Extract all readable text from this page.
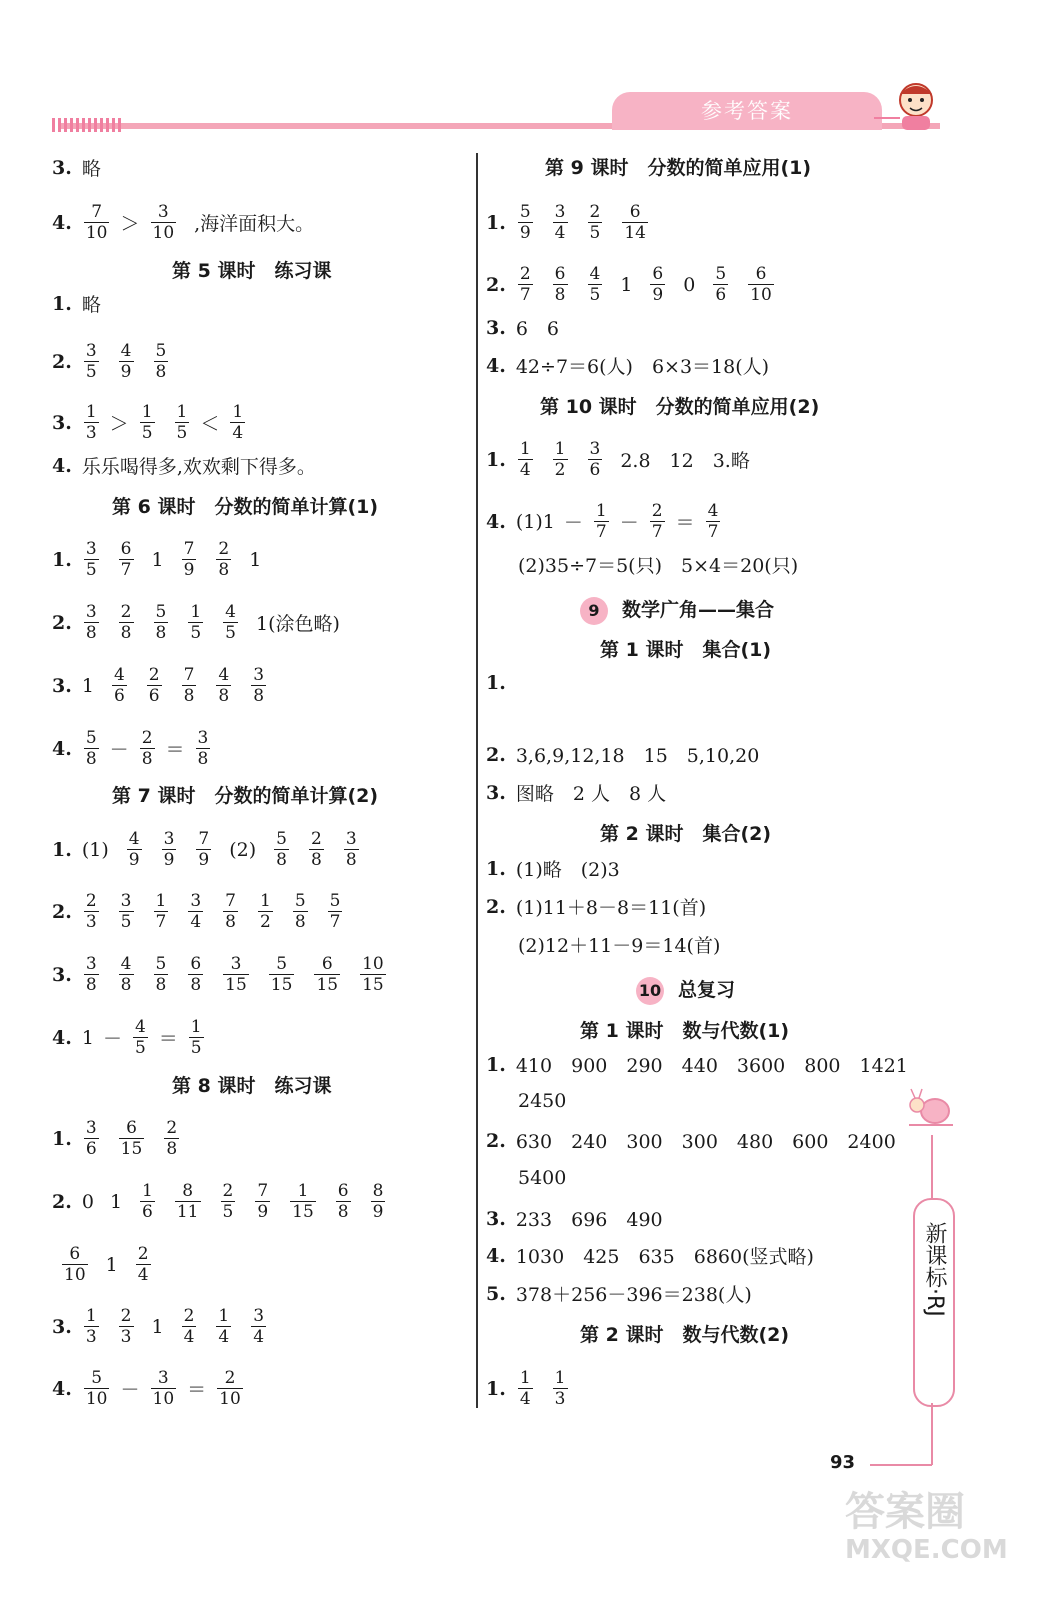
参考答案
3. 略
4. $\frac{7}{10} > \frac{3}{10}$ ,海洋面积大。
第 5 课时　练习课
1. 略
2. $\frac{3}{5} \frac{4}{9} \frac{5}{8}$
3. $\frac{1}{3} > \frac{1}{5} \frac{1}{5} < \frac{1}{4}$
4. 乐乐喝得多,欢欢剩下得多。
第 6 课时　分数的简单计算(1)
1. $\frac{3}{5} \frac{6}{7} 1 \frac{7}{9} \frac{2}{8} 1$
2. $\frac{3}{8} \frac{2}{8} \frac{5}{8} \frac{1}{5} \frac{4}{5} 1$(涂色略)
3. $1 \frac{4}{6} \frac{2}{6} \frac{7}{8} \frac{4}{8} \frac{3}{8}$
4. $\frac{5}{8} - \frac{2}{8} = \frac{3}{8}$
第 7 课时　分数的简单计算(2)
1. $(1) \frac{4}{9} \frac{3}{9} \frac{7}{9} (2) \frac{5}{8} \frac{2}{8} \frac{3}{8}$
2. $\frac{2}{3} \frac{3}{5} \frac{1}{7} \frac{3}{4} \frac{7}{8} \frac{1}{2} \frac{5}{8} \frac{5}{7}$
3. $\frac{3}{8} \frac{4}{8} \frac{5}{8} \frac{6}{8} \frac{3}{15} \frac{5}{15} \frac{6}{15} \frac{10}{15}$
4. $1 - \frac{4}{5} = \frac{1}{5}$
第 8 课时　练习课
1. $\frac{3}{6} \frac{6}{15} \frac{2}{8}$
2. 0 $1 \frac{1}{6} \frac{8}{11} \frac{2}{5} \frac{7}{9} \frac{1}{15} \frac{6}{8} \frac{8}{9}$
$\frac{6}{10} 1 \frac{2}{4}$
3. $\frac{1}{3} \frac{2}{3} 1 \frac{2}{4} \frac{1}{4} \frac{3}{4}$
4. $\frac{5}{10} - \frac{3}{10} = \frac{2}{10}$
第 9 课时　分数的简单应用(1)
1. $\frac{5}{9} \frac{3}{4} \frac{2}{5} \frac{6}{14}$
2. $\frac{2}{7} \frac{6}{8} \frac{4}{5} 1 \frac{6}{9} 0 \frac{5}{6} \frac{6}{10}$
3. 6　6
4. 42÷7＝6(人)　6×3＝18(人)
第 10 课时　分数的简单应用(2)
1. $\frac{1}{4} \frac{1}{2} \frac{3}{6} 2.8$　12　3.略
4. $(1)1 - \frac{1}{7} - \frac{2}{7} = \frac{4}{7}$
(2)35÷7＝5(只)　5×4＝20(只)
9 数学广角——集合
第 1 课时　集合(1)
1.
2. 3,6,9,12,18　15　5,10,20
3. 图略　2 人　8 人
第 2 课时　集合(2)
1. (1)略　(2)3
2. (1)11＋8－8＝11(首)
(2)12＋11－9＝14(首)
10 总复习
第 1 课时　数与代数(1)
1. 410　900　290　440　3600　800　1421
2450
2. 630　240　300　300　480　600　2400
5400
3. 233　696　490
4. 1030　425　635　6860(竖式略)
5. 378＋256－396＝238(人)
第 2 课时　数与代数(2)
1. $\frac{1}{4} \frac{1}{3}$
新课标·RJ
93
答案圈
MXQE.COM
